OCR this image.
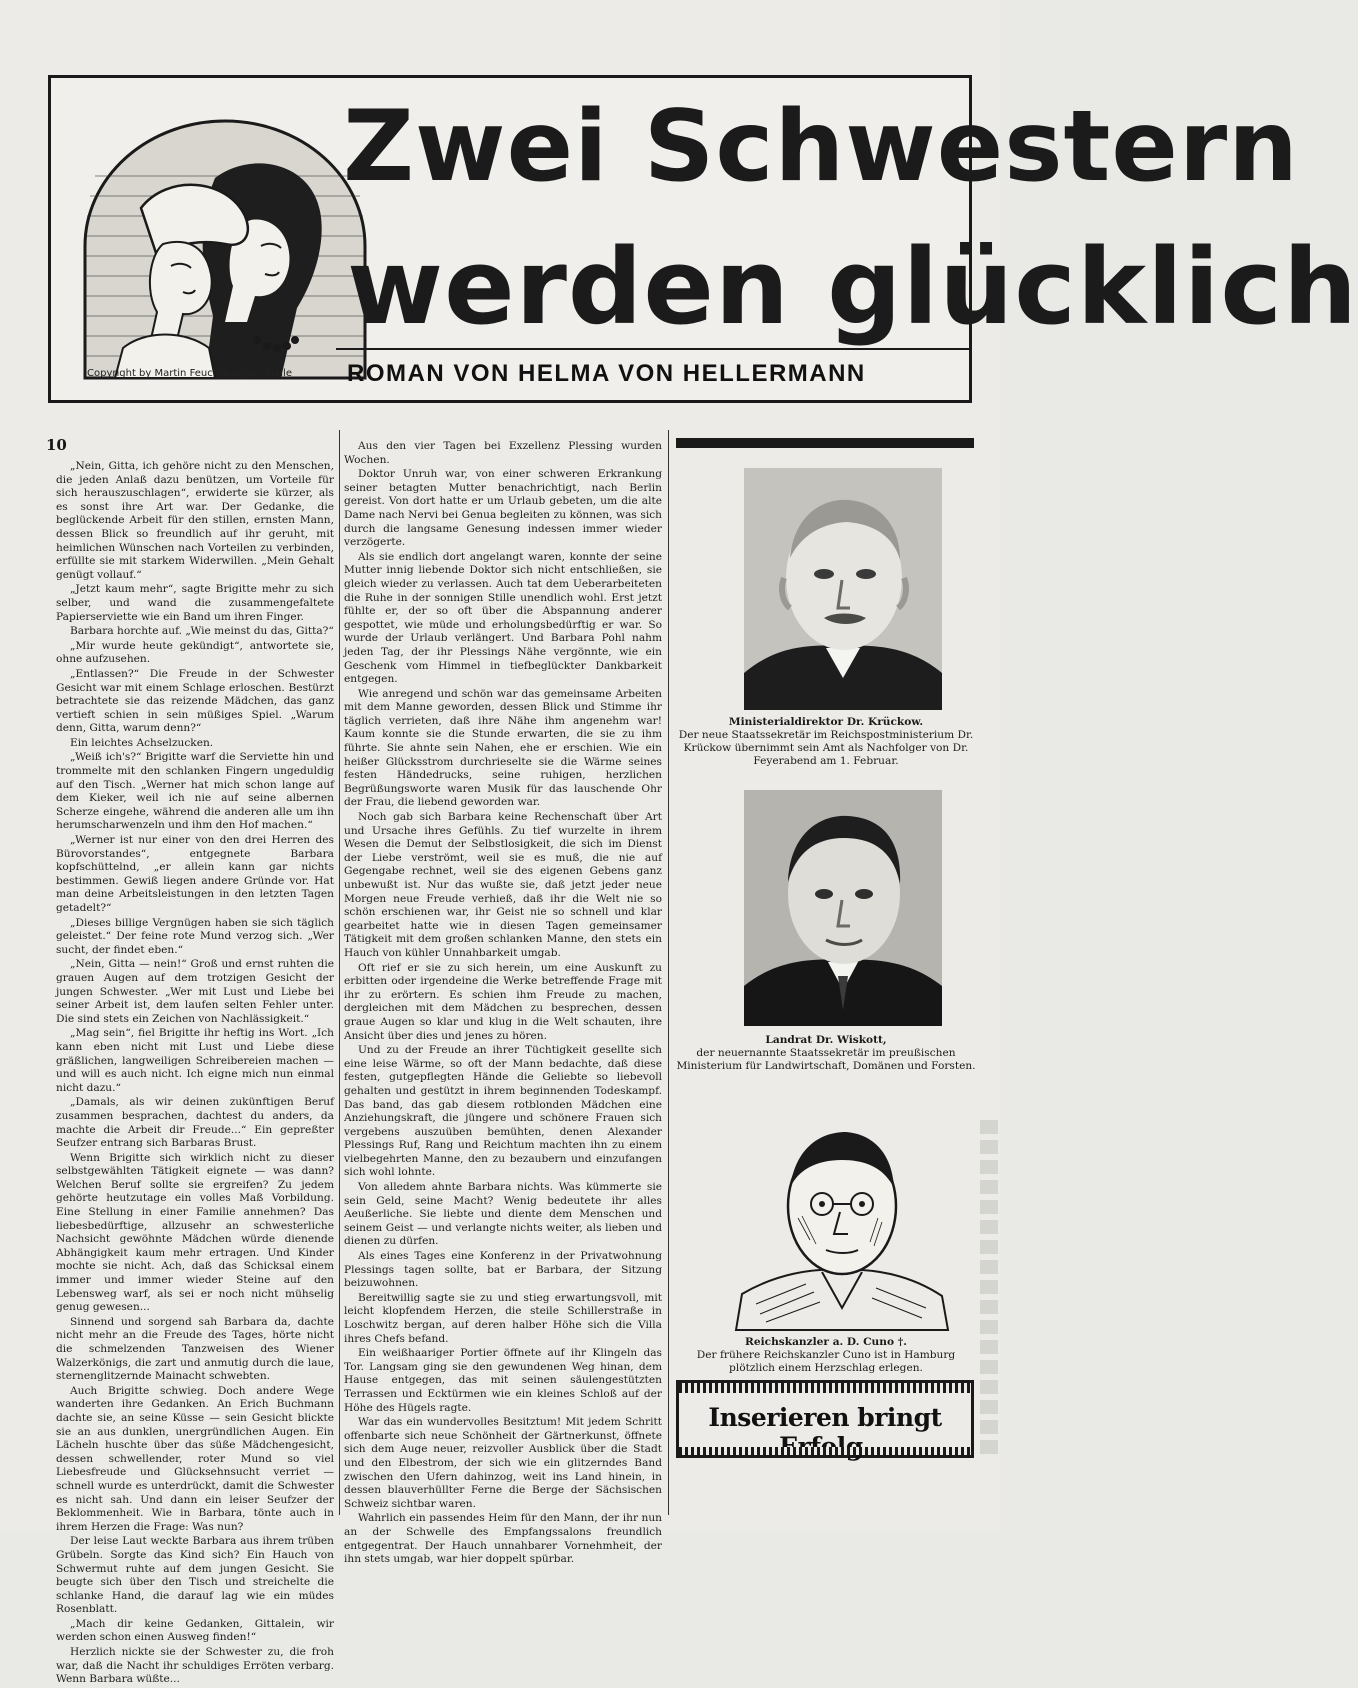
Zwei Schwestern
werden glücklich
Copyright by Martin Feuchtwanger, Halle ROMAN VON HELMA VON HELLERMANN
10

„Nein, Gitta, ich gehöre nicht zu den Menschen, die jeden Anlaß dazu benützen, um Vorteile für sich herauszuschlagen“, erwiderte sie kürzer, als es sonst ihre Art war. Der Gedanke, die beglückende Arbeit für den stillen, ernsten Mann, dessen Blick so freundlich auf ihr geruht, mit heimlichen Wünschen nach Vorteilen zu verbinden, erfüllte sie mit starkem Widerwillen. „Mein Gehalt genügt vollauf.“

„Jetzt kaum mehr“, sagte Brigitte mehr zu sich selber, und wand die zusammengefaltete Papierserviette wie ein Band um ihren Finger.

Barbara horchte auf. „Wie meinst du das, Gitta?“

„Mir wurde heute gekündigt“, antwortete sie, ohne aufzusehen.

„Entlassen?“ Die Freude in der Schwester Gesicht war mit einem Schlage erloschen. Bestürzt betrachtete sie das reizende Mädchen, das ganz vertieft schien in sein müßiges Spiel. „Warum denn, Gitta, warum denn?“

Ein leichtes Achselzucken.

„Weiß ich's?“ Brigitte warf die Serviette hin und trommelte mit den schlanken Fingern ungeduldig auf den Tisch. „Werner hat mich schon lange auf dem Kieker, weil ich nie auf seine albernen Scherze eingehe, während die anderen alle um ihn herumscharwenzeln und ihm den Hof machen.“

„Werner ist nur einer von den drei Herren des Bürovorstandes“, entgegnete Barbara kopfschüttelnd, „er allein kann gar nichts bestimmen. Gewiß liegen andere Gründe vor. Hat man deine Arbeitsleistungen in den letzten Tagen getadelt?“

„Dieses billige Vergnügen haben sie sich täglich geleistet.“ Der feine rote Mund verzog sich. „Wer sucht, der findet eben.“

„Nein, Gitta — nein!“ Groß und ernst ruhten die grauen Augen auf dem trotzigen Gesicht der jungen Schwester. „Wer mit Lust und Liebe bei seiner Arbeit ist, dem laufen selten Fehler unter. Die sind stets ein Zeichen von Nachlässigkeit.“

„Mag sein“, fiel Brigitte ihr heftig ins Wort. „Ich kann eben nicht mit Lust und Liebe diese gräßlichen, langweiligen Schreibereien machen — und will es auch nicht. Ich eigne mich nun einmal nicht dazu.“

„Damals, als wir deinen zukünftigen Beruf zusammen besprachen, dachtest du anders, da machte die Arbeit dir Freude...“ Ein gepreßter Seufzer entrang sich Barbaras Brust.

Wenn Brigitte sich wirklich nicht zu dieser selbstgewählten Tätigkeit eignete — was dann? Welchen Beruf sollte sie ergreifen? Zu jedem gehörte heutzutage ein volles Maß Vorbildung. Eine Stellung in einer Familie annehmen? Das liebesbedürftige, allzusehr an schwesterliche Nachsicht gewöhnte Mädchen würde dienende Abhängigkeit kaum mehr ertragen. Und Kinder mochte sie nicht. Ach, daß das Schicksal einem immer und immer wieder Steine auf den Lebensweg warf, als sei er noch nicht mühselig genug gewesen...

Sinnend und sorgend sah Barbara da, dachte nicht mehr an die Freude des Tages, hörte nicht die schmelzenden Tanzweisen des Wiener Walzerkönigs, die zart und anmutig durch die laue, sternenglitzernde Mainacht schwebten.

Auch Brigitte schwieg. Doch andere Wege wanderten ihre Gedanken. An Erich Buchmann dachte sie, an seine Küsse — sein Gesicht blickte sie an aus dunklen, unergründlichen Augen. Ein Lächeln huschte über das süße Mädchengesicht, dessen schwellender, roter Mund so viel Liebesfreude und Glücksehnsucht verriet — schnell wurde es unterdrückt, damit die Schwester es nicht sah. Und dann ein leiser Seufzer der Beklommenheit. Wie in Barbara, tönte auch in ihrem Herzen die Frage: Was nun?

Der leise Laut weckte Barbara aus ihrem trüben Grübeln. Sorgte das Kind sich? Ein Hauch von Schwermut ruhte auf dem jungen Gesicht. Sie beugte sich über den Tisch und streichelte die schlanke Hand, die darauf lag wie ein müdes Rosenblatt.

„Mach dir keine Gedanken, Gittalein, wir werden schon einen Ausweg finden!“

Herzlich nickte sie der Schwester zu, die froh war, daß die Nacht ihr schuldiges Erröten verbarg. Wenn Barbara wüßte...

Aus den vier Tagen bei Exzellenz Plessing wurden Wochen.

Doktor Unruh war, von einer schweren Erkrankung seiner betagten Mutter benachrichtigt, nach Berlin gereist. Von dort hatte er um Urlaub gebeten, um die alte Dame nach Nervi bei Genua begleiten zu können, was sich durch die langsame Genesung indessen immer wieder verzögerte.

Als sie endlich dort angelangt waren, konnte der seine Mutter innig liebende Doktor sich nicht entschließen, sie gleich wieder zu verlassen. Auch tat dem Ueberarbeiteten die Ruhe in der sonnigen Stille unendlich wohl. Erst jetzt fühlte er, der so oft über die Abspannung anderer gespottet, wie müde und erholungsbedürftig er war. So wurde der Urlaub verlängert. Und Barbara Pohl nahm jeden Tag, der ihr Plessings Nähe vergönnte, wie ein Geschenk vom Himmel in tiefbeglückter Dankbarkeit entgegen.

Wie anregend und schön war das gemeinsame Arbeiten mit dem Manne geworden, dessen Blick und Stimme ihr täglich verrieten, daß ihre Nähe ihm angenehm war! Kaum konnte sie die Stunde erwarten, die sie zu ihm führte. Sie ahnte sein Nahen, ehe er erschien. Wie ein heißer Glücksstrom durchrieselte sie die Wärme seines festen Händedrucks, seine ruhigen, herzlichen Begrüßungsworte waren Musik für das lauschende Ohr der Frau, die liebend geworden war.

Noch gab sich Barbara keine Rechenschaft über Art und Ursache ihres Gefühls. Zu tief wurzelte in ihrem Wesen die Demut der Selbstlosigkeit, die sich im Dienst der Liebe verströmt, weil sie es muß, die nie auf Gegengabe rechnet, weil sie des eigenen Gebens ganz unbewußt ist. Nur das wußte sie, daß jetzt jeder neue Morgen neue Freude verhieß, daß ihr die Welt nie so schön erschienen war, ihr Geist nie so schnell und klar gearbeitet hatte wie in diesen Tagen gemeinsamer Tätigkeit mit dem großen schlanken Manne, den stets ein Hauch von kühler Unnahbarkeit umgab.

Oft rief er sie zu sich herein, um eine Auskunft zu erbitten oder irgendeine die Werke betreffende Frage mit ihr zu erörtern. Es schien ihm Freude zu machen, dergleichen mit dem Mädchen zu besprechen, dessen graue Augen so klar und klug in die Welt schauten, ihre Ansicht über dies und jenes zu hören.

Und zu der Freude an ihrer Tüchtigkeit gesellte sich eine leise Wärme, so oft der Mann bedachte, daß diese festen, gutgepflegten Hände die Geliebte so liebevoll gehalten und gestützt in ihrem beginnenden Todeskampf. Das band, das gab diesem rotblonden Mädchen eine Anziehungskraft, die jüngere und schönere Frauen sich vergebens auszuüben bemühten, denen Alexander Plessings Ruf, Rang und Reichtum machten ihn zu einem vielbegehrten Manne, den zu bezaubern und einzufangen sich wohl lohnte.

Von alledem ahnte Barbara nichts. Was kümmerte sie sein Geld, seine Macht? Wenig bedeutete ihr alles Aeußerliche. Sie liebte und diente dem Menschen und seinem Geist — und verlangte nichts weiter, als lieben und dienen zu dürfen.

Als eines Tages eine Konferenz in der Privatwohnung Plessings tagen sollte, bat er Barbara, der Sitzung beizuwohnen.

Bereitwillig sagte sie zu und stieg erwartungsvoll, mit leicht klopfendem Herzen, die steile Schillerstraße in Loschwitz bergan, auf deren halber Höhe sich die Villa ihres Chefs befand.

Ein weißhaariger Portier öffnete auf ihr Klingeln das Tor. Langsam ging sie den gewundenen Weg hinan, dem Hause entgegen, das mit seinen säulengestützten Terrassen und Ecktürmen wie ein kleines Schloß auf der Höhe des Hügels ragte.

War das ein wundervolles Besitztum! Mit jedem Schritt offenbarte sich neue Schönheit der Gärtnerkunst, öffnete sich dem Auge neuer, reizvoller Ausblick über die Stadt und den Elbestrom, der sich wie ein glitzerndes Band zwischen den Ufern dahinzog, weit ins Land hinein, in dessen blauverhüllter Ferne die Berge der Sächsischen Schweiz sichtbar waren.

Wahrlich ein passendes Heim für den Mann, der ihr nun an der Schwelle des Empfangssalons freundlich entgegentrat. Der Hauch unnahbarer Vornehmheit, der ihn stets umgab, war hier doppelt spürbar.

Ministerialdirektor Dr. Krückow.
Der neue Staatssekretär im Reichspostministerium Dr. Krückow übernimmt sein Amt als Nachfolger von Dr. Feyerabend am 1. Februar.
Landrat Dr. Wiskott,
der neuernannte Staatssekretär im preußischen Ministerium für Landwirtschaft, Domänen und Forsten.
Reichskanzler a. D. Cuno †.
Der frühere Reichskanzler Cuno ist in Hamburg plötzlich einem Herzschlag erlegen.
Inserieren bringt
